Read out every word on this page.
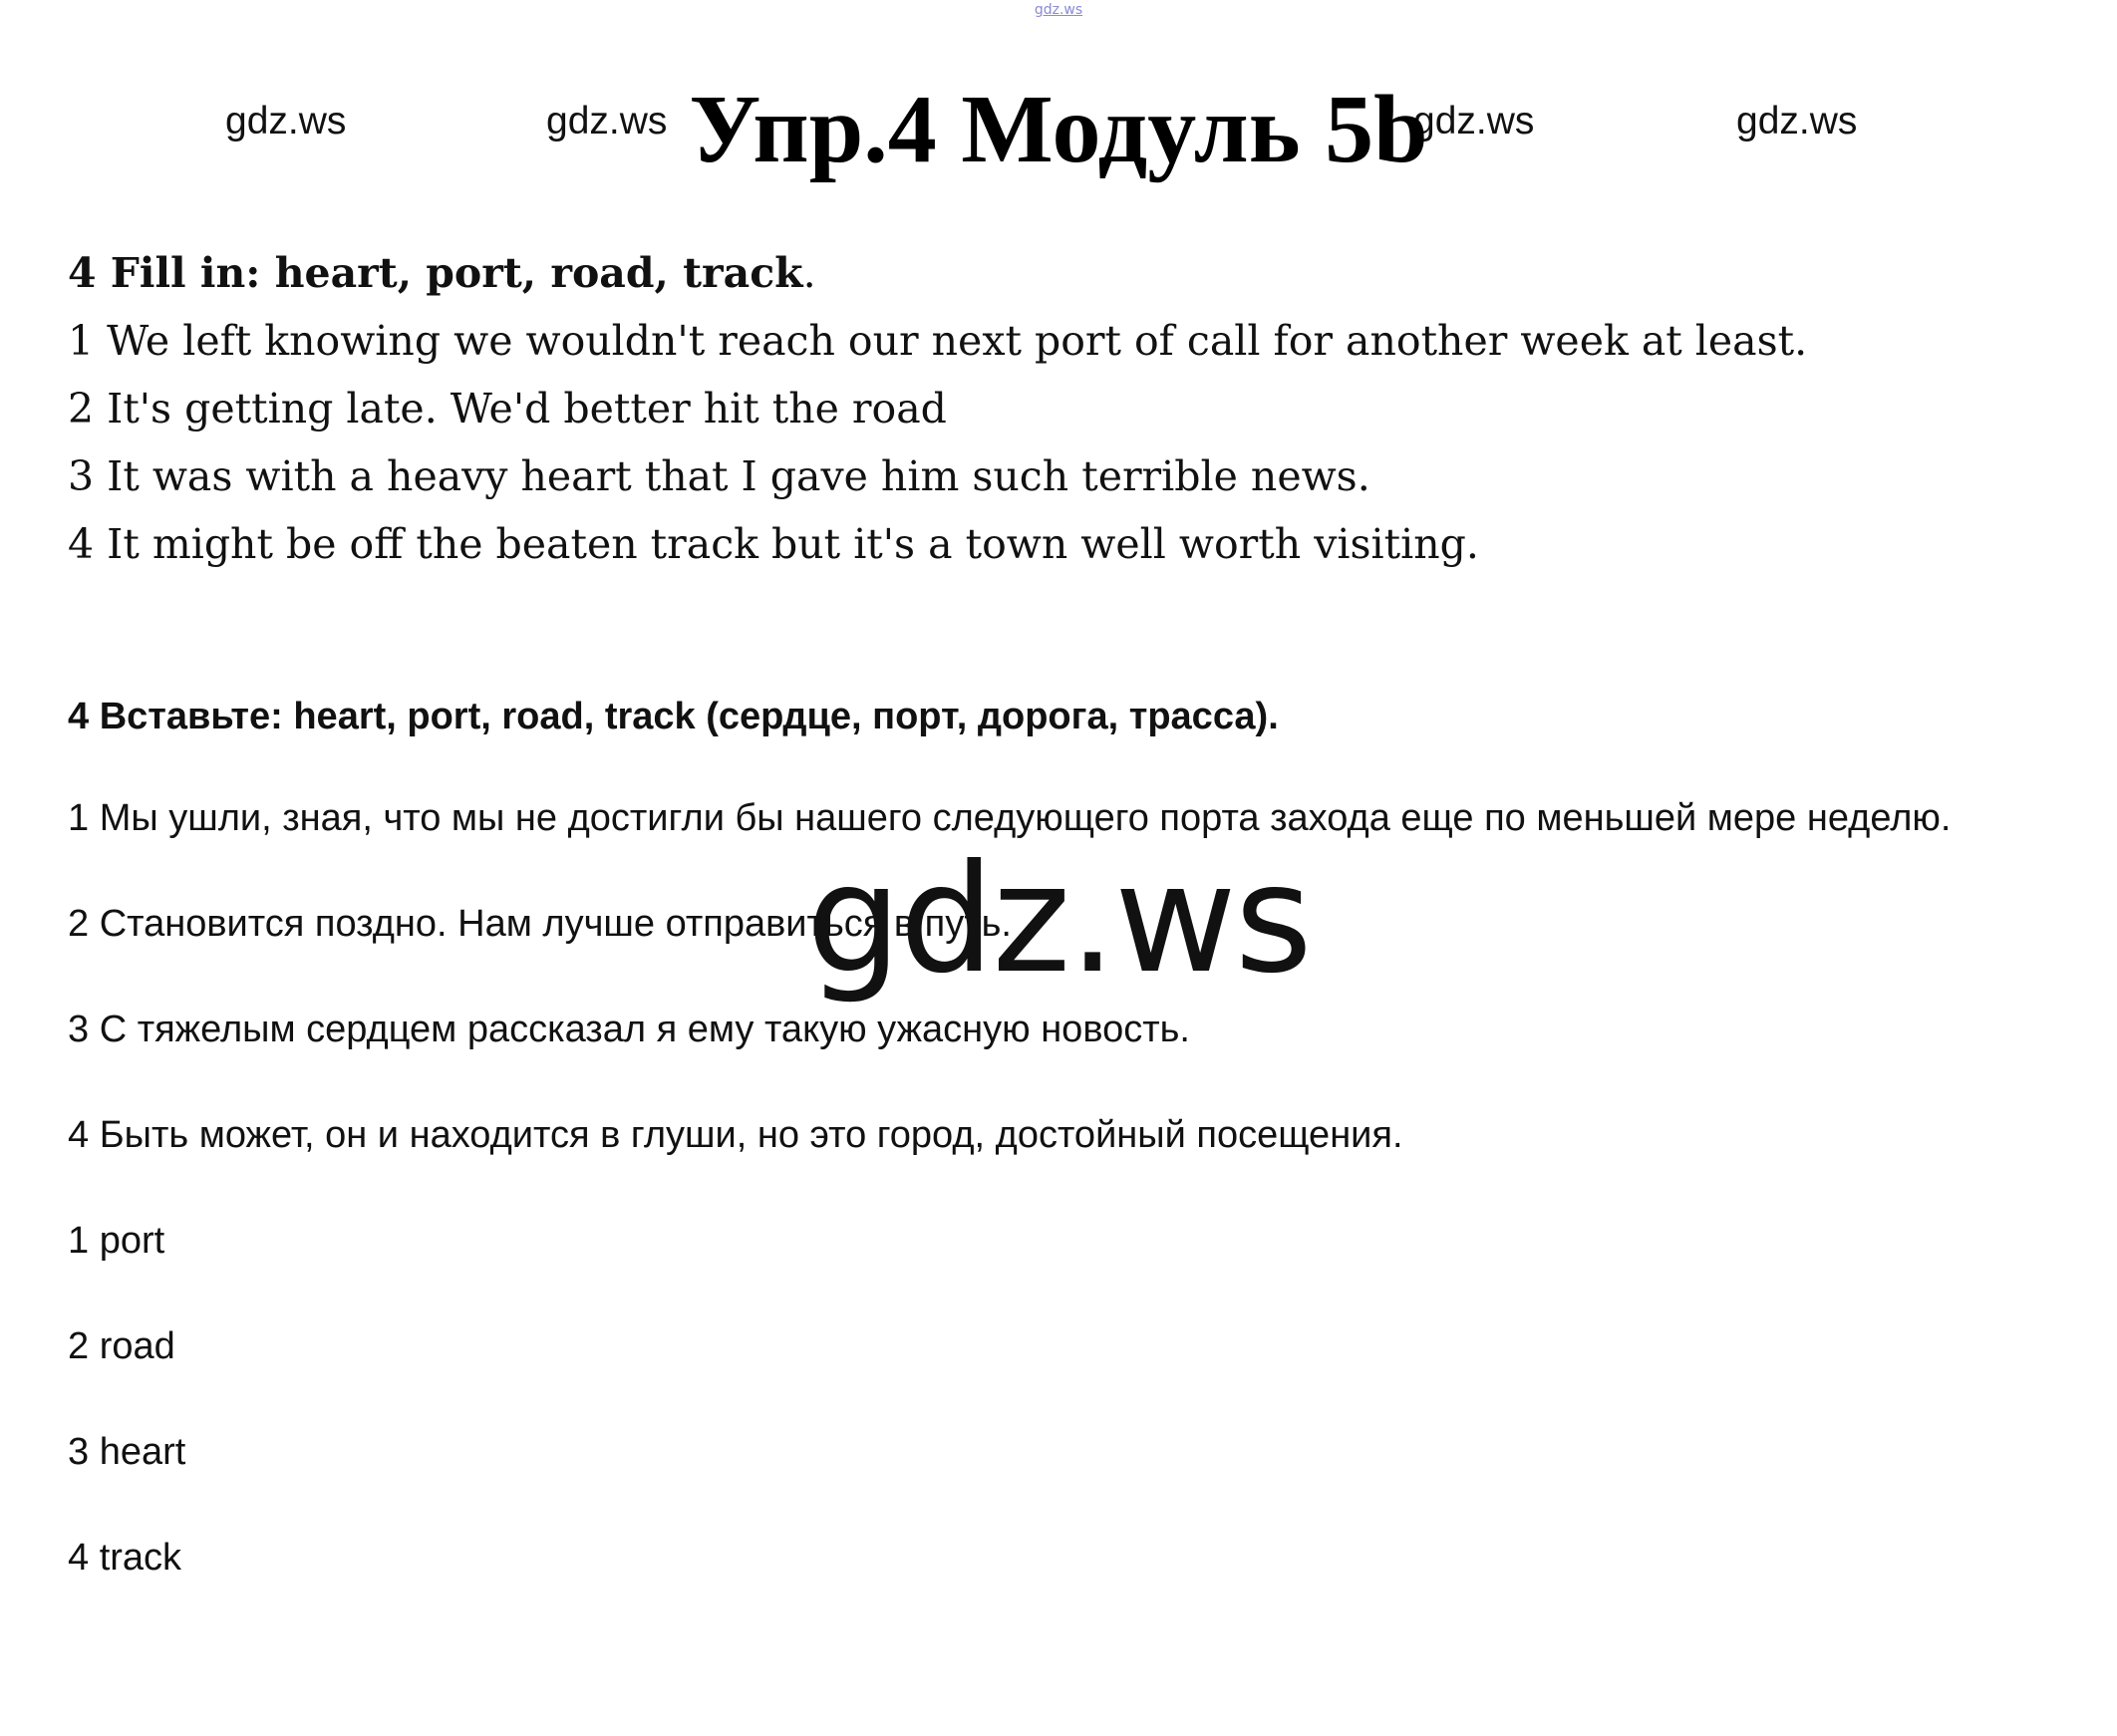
gdz.ws
gdz.ws	gdz.ws	gdz.ws	gdz.ws
Упр.4 Модуль 5b
4 Fill in: heart, port, road, track.
1 We left knowing we wouldn't reach our next port of call for another week at least.
2 It's getting late. We'd better hit the road
3 It was with a heavy heart that I gave him such terrible news.
4 It might be off the beaten track but it's a town well worth visiting.

4 Вставьте: heart, port, road, track (сердце, порт, дорога, трасса).

1 Мы ушли, зная, что мы не достигли бы нашего следующего порта захода еще по меньшей мере неделю.

2 Становится поздно. Нам лучше отправиться в путь.

3 С тяжелым сердцем рассказал я ему такую ужасную новость.

4 Быть может, он и находится в глуши, но это город, достойный посещения.

1 port

2 road

3 heart

4 track

gdz.ws
